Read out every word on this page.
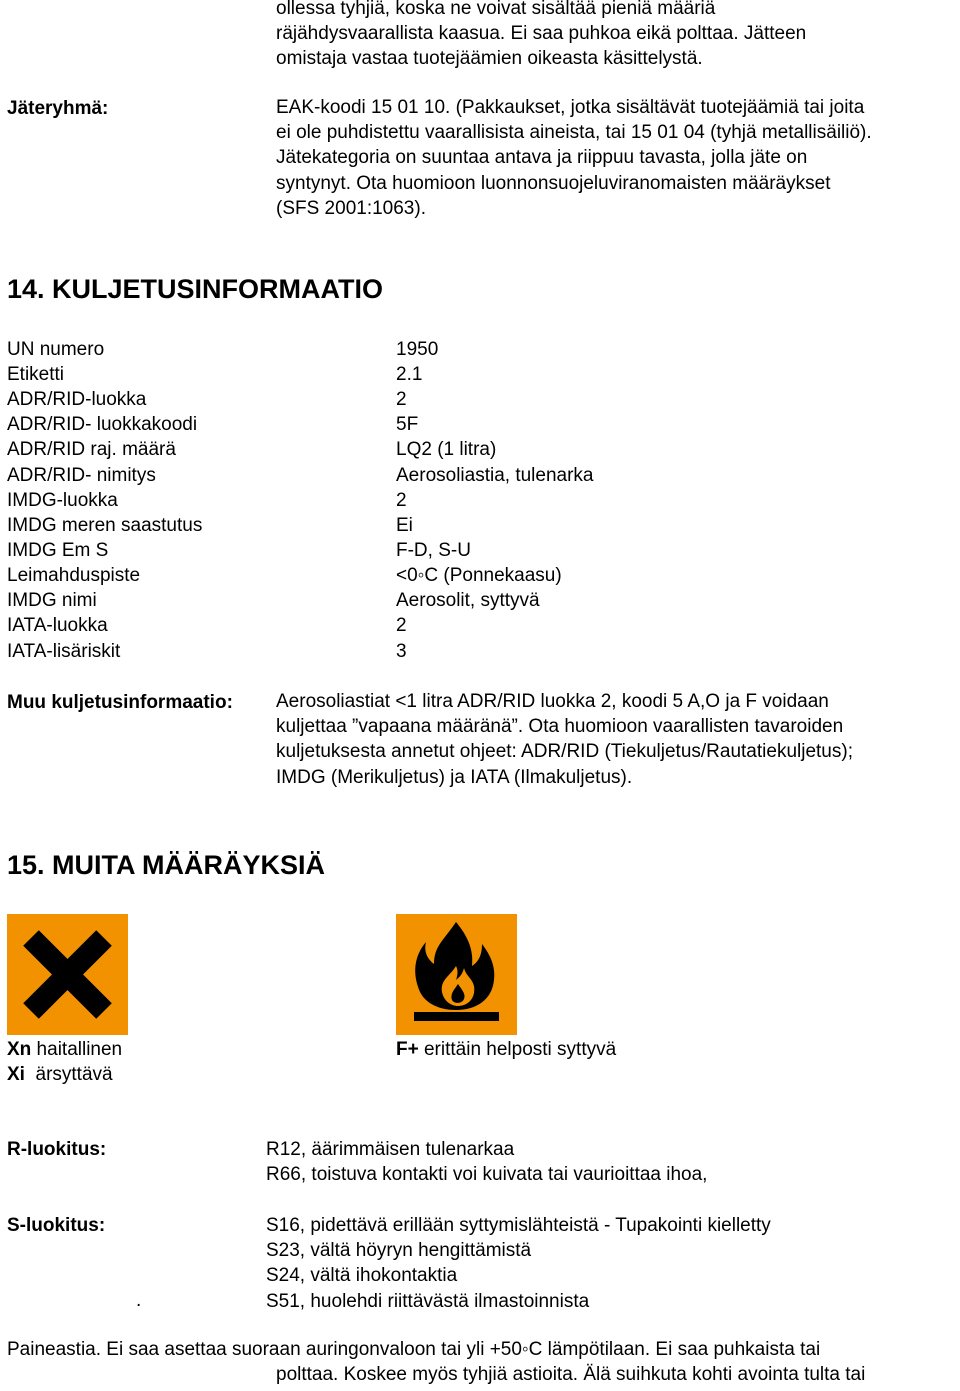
ollessa tyhjiä, koska ne voivat sisältää pieniä määriä
räjähdysvaarallista kaasua. Ei saa puhkoa eikä polttaa. Jätteen
omistaja vastaa tuotejäämien oikeasta käsittelystä.
Jäteryhmä:	EAK-koodi 15 01 10. (Pakkaukset, jotka sisältävät tuotejäämiä tai joita
ei ole puhdistettu vaarallisista aineista, tai 15 01 04 (tyhjä metallisäiliö).
Jätekategoria on suuntaa antava ja riippuu tavasta, jolla jäte on
syntynyt. Ota huomioon luonnonsuojeluviranomaisten määräykset
(SFS 2001:1063).
14. KULJETUSINFORMAATIO
UN numero	1950
Etiketti	2.1
ADR/RID-luokka	2
ADR/RID- luokkakoodi	5F
ADR/RID raj. määrä	LQ2 (1 litra)
ADR/RID- nimitys	Aerosoliastia, tulenarka
IMDG-luokka	2
IMDG meren saastutus	Ei
IMDG Em S	F-D, S-U
Leimahduspiste	<0◦C (Ponnekaasu)
IMDG nimi	Aerosolit, syttyvä
IATA-luokka	2
IATA-lisäriskit	3
Muu kuljetusinformaatio: Aerosoliastiat <1 litra ADR/RID luokka 2, koodi 5 A,O ja F voidaan
kuljettaa ”vapaana määränä”. Ota huomioon vaarallisten tavaroiden
kuljetuksesta annetut ohjeet: ADR/RID (Tiekuljetus/Rautatiekuljetus);
IMDG (Merikuljetus) ja IATA (Ilmakuljetus).
15. MUITA MÄÄRÄYKSIÄ
Xn haitallinen
Xi  ärsyttävä
F+ erittäin helposti syttyvä
R-luokitus:	R12, äärimmäisen tulenarkaa
R66, toistuva kontakti voi kuivata tai vaurioittaa ihoa,
S-luokitus:	S16, pidettävä erillään syttymislähteistä - Tupakointi kielletty
S23, vältä höyryn hengittämistä
S24, vältä ihokontaktia
S51, huolehdi riittävästä ilmastoinnista
.
Paineastia. Ei saa asettaa suoraan auringonvaloon tai yli +50◦C lämpötilaan. Ei saa puhkaista tai
polttaa. Koskee myös tyhjiä astioita. Älä suihkuta kohti avointa tulta tai
